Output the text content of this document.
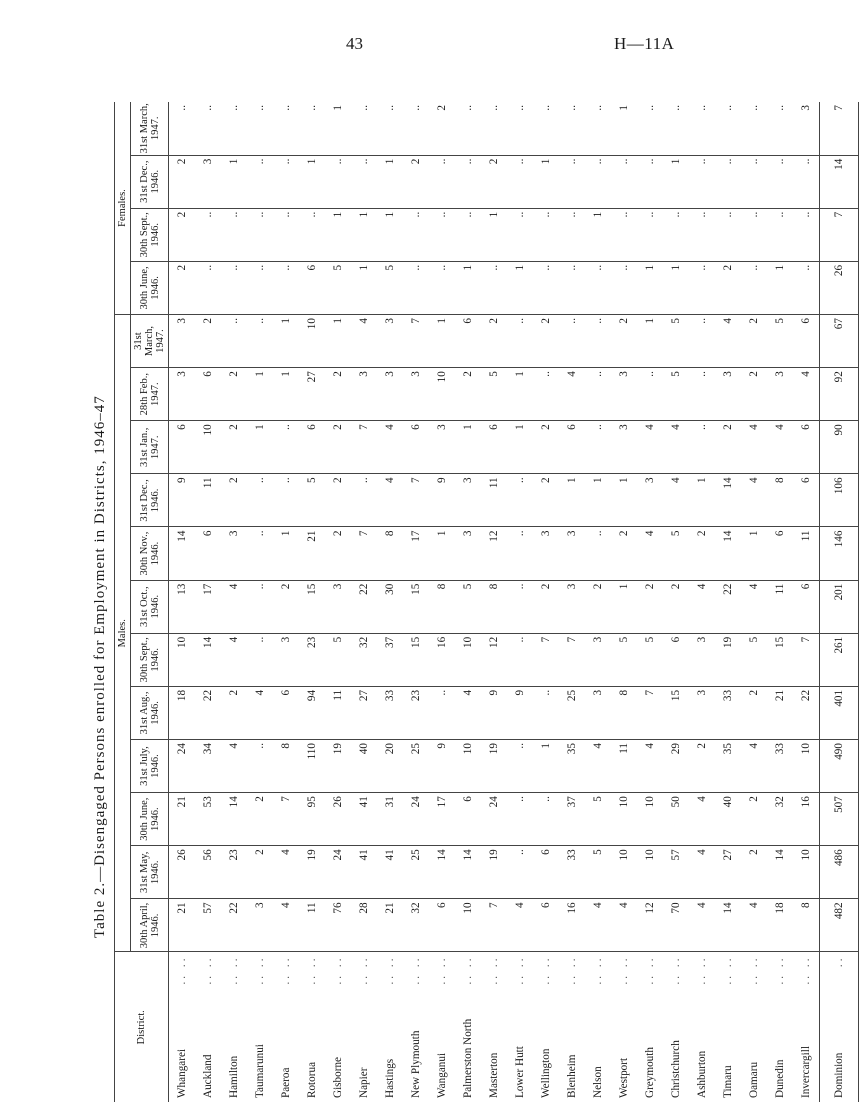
43	H—11A
Table 2.—Disengaged Persons enrolled for Employment in Districts, 1946–47
District.	Males.												Females.			
	30th April, 1946.	31st May, 1946.	30th June, 1946.	31st July, 1946.	31st Aug., 1946.	30th Sept., 1946.	31st Oct., 1946.	30th Nov., 1946.	31st Dec., 1946.	31st Jan., 1947.	28th Feb., 1947.	31st March, 1947.	30th June, 1946.	30th Sept., 1946.	31st Dec., 1946.	31st March, 1947.
Whangarei
.. ..	21	26	21	24	18	10	13	14	9	6	3	3	2	2	2	..
Auckland
.. ..	57	56	53	34	22	14	17	6	11	10	6	2	..	..	3	..
Hamilton
.. ..	22	23	14	4	2	4	4	3	2	2	2	..	..	..	1	..
Taumarunui
.. ..	3	2	2	..	4	..	..	..	..	1	1	..	..	..	..	..
Paeroa
.. ..	4	4	7	8	6	3	2	1	..	..	1	1	..	..	..	..
Rotorua
.. ..	11	19	95	110	94	23	15	21	5	6	27	10	6	..	1	..
Gisborne
.. ..	76	24	26	19	11	5	3	2	2	2	2	1	5	1	..	1
Napier
.. ..	28	41	41	40	27	32	22	7	..	7	3	4	1	1	..	..
Hastings
.. ..	21	41	31	20	33	37	30	8	4	4	3	3	5	1	1	..
New Plymouth
.. ..	32	25	24	25	23	15	15	17	7	6	3	7	..	..	2	..
Wanganui
.. ..	6	14	17	9	..	16	8	1	9	3	10	1	..	..	..	2
Palmerston North
.. ..	10	14	6	10	4	10	5	3	3	1	2	6	1	..	..	..
Masterton
.. ..	7	19	24	19	9	12	8	12	11	6	5	2	..	1	2	..
Lower Hutt
.. ..	4	..	..	..	9	..	..	..	..	1	1	..	1	..	..	..
Wellington
.. ..	6	6	..	1	..	7	2	3	2	2	..	2	..	..	1	..
Blenheim
.. ..	16	33	37	35	25	7	3	3	1	6	4	..	..	..	..	..
Nelson
.. ..	4	5	5	4	3	3	2	..	1	..	..	..	..	1	..	..
Westport
.. ..	4	10	10	11	8	5	1	2	1	3	3	2	..	..	..	1
Greymouth
.. ..	12	10	10	4	7	5	2	4	3	4	..	1	1	..	..	..
Christchurch
.. ..	70	57	50	29	15	6	2	5	4	4	5	5	1	..	1	..
Ashburton
.. ..	4	4	4	2	3	3	4	2	1	..	..	..	..	..	..	..
Timaru
.. ..	14	27	40	35	33	19	22	14	14	2	3	4	2	..	..	..
Oamaru
.. ..	4	2	2	4	2	5	4	1	4	4	2	2	..	..	..	..
Dunedin
.. ..	18	14	32	33	21	15	11	6	8	4	3	5	1	..	..	..
Invercargill
.. ..	8	10	16	10	22	7	6	11	6	6	4	6	..	..	..	3
Dominion
..	482	486	507	490	401	261	201	146	106	90	92	67	26	7	14	7
